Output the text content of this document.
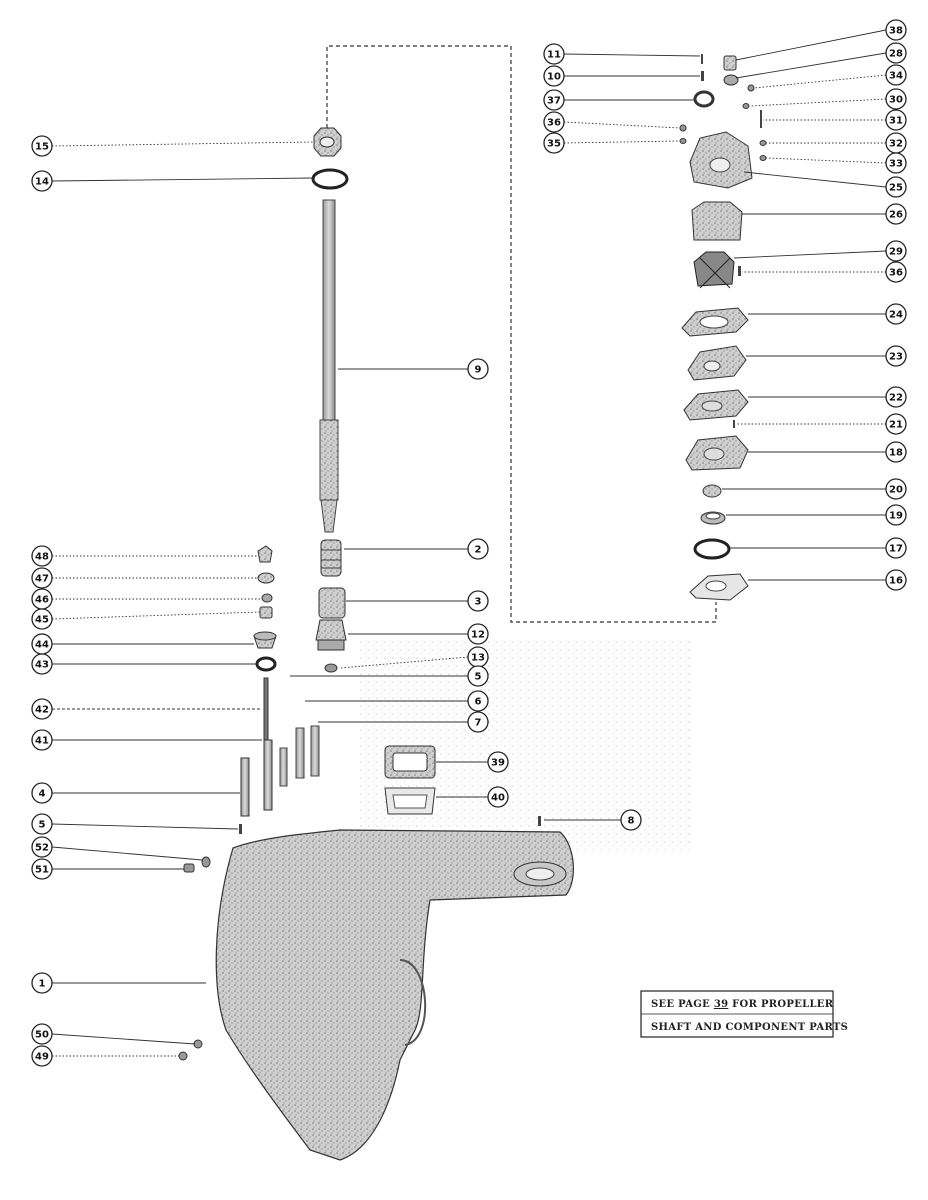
15
14
9
2
3
12
13
5
6
7
39
40
8
48
47
46
45
44
43
42
41
4
5
52
51
1
50
49
11
10
37
36
35
38
28
34
30
31
32
33
25
26
29
36
24
23
22
21
18
20
19
17
16
SEE PAGE 39 FOR PROPELLER
SHAFT AND COMPONENT PARTS
